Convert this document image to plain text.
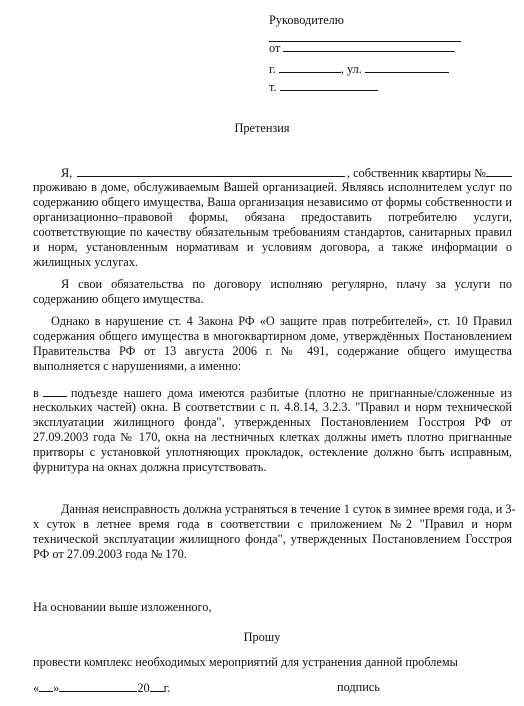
Руководителю
от
г.	, ул.
т.
Претензия
Я,	, собственник квартиры №
проживаю в доме, обслуживаемым Вашей организацией. Являясь исполнителем услуг по
содержанию общего имущества, Ваша организация независимо от формы собственности и
организационно–правовой формы, обязана предоставить потребителю услуги,
соответствующие по качеству обязательным требованиям стандартов, санитарных правил
и норм, установленным нормативам и условиям договора, а также информации о
жилищных услугах.
Я свои обязательства по договору исполняю регулярно, плачу за услуги по
содержанию общего имущества.
Однако в нарушение ст. 4 Закона РФ «О защите прав потребителей», ст. 10 Правил
содержания общего имущества в многоквартирном доме, утверждённых Постановлением
Правительства РФ от 13 августа 2006 г. № 491, содержание общего имущества
выполняется с нарушениями, а именно:
в	подъезде нашего дома имеются разбитые (плотно не пригнанные/сложенные из
нескольких частей) окна. В соответствии с п. 4.8.14, 3.2.3. "Правил и норм технической
эксплуатации жилищного фонда", утвержденных Постановлением Госстроя РФ от
27.09.2003 года № 170, окна на лестничных клетках должны иметь плотно пригнанные
притворы с установкой уплотняющих прокладок, остекление должно быть исправным,
фурнитура на окнах должна присутствовать.
Данная неисправность должна устраняться в течение 1 суток в зимнее время года, и 3-
х суток в летнее время года в соответствии с приложением №2 "Правил и норм
технической эксплуатации жилищного фонда", утвержденных Постановлением Госстроя
РФ от 27.09.2003 года № 170.
На основании выше изложенного,
Прошу
провести комплекс необходимых мероприятий для устранения данной проблемы
« »	20 г.	подпись
